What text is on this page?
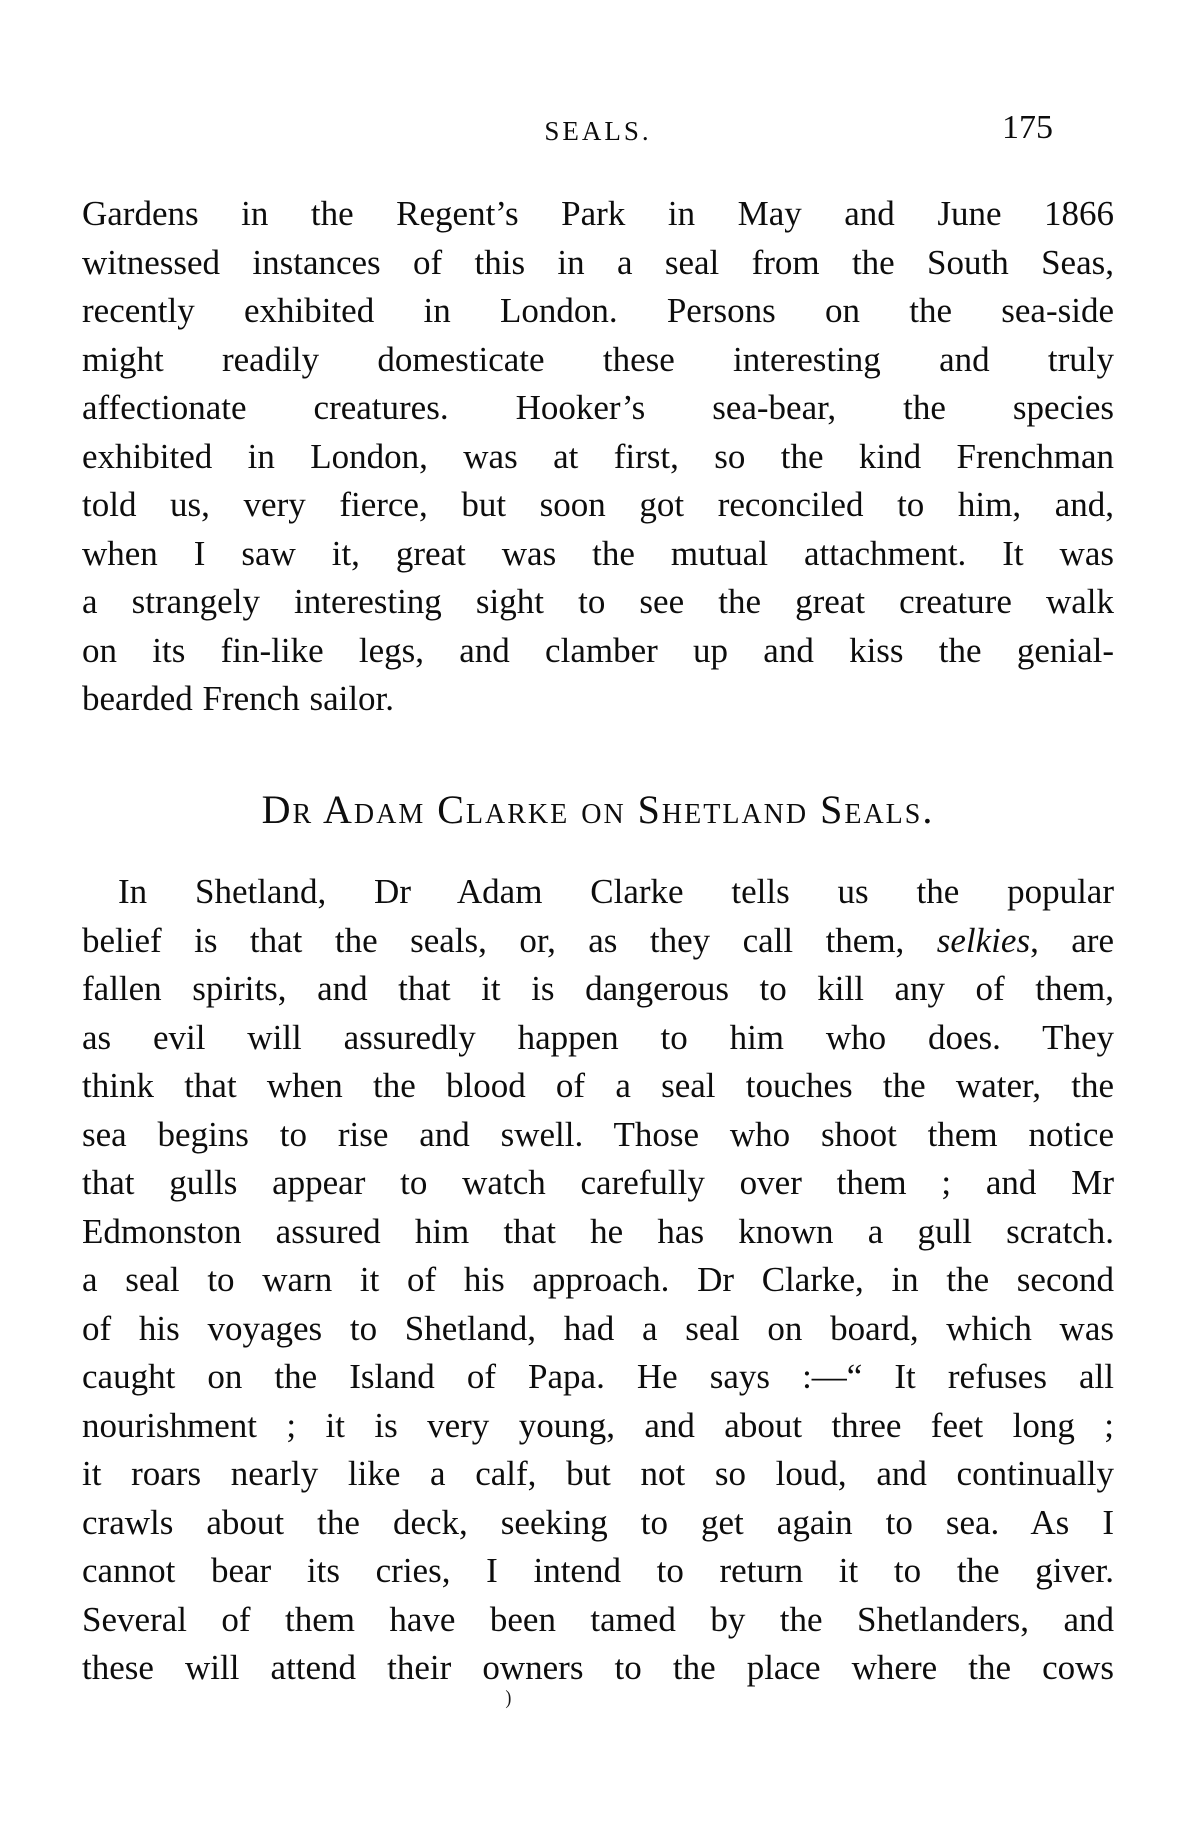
SEALS.	175
Gardens in the Regent’s Park in May and June 1866
witnessed instances of this in a seal from the South Seas,
recently exhibited in London. Persons on the sea-side
might readily domesticate these interesting and truly
affectionate creatures. Hooker’s sea-bear, the species
exhibited in London, was at first, so the kind Frenchman
told us, very fierce, but soon got reconciled to him, and,
when I saw it, great was the mutual attachment. It was
a strangely interesting sight to see the great creature walk
on its fin-like legs, and clamber up and kiss the genial-
bearded French sailor.
Dr Adam Clarke on Shetland Seals.
In Shetland, Dr Adam Clarke tells us the popular
belief is that the seals, or, as they call them, selkies, are
fallen spirits, and that it is dangerous to kill any of them,
as evil will assuredly happen to him who does. They
think that when the blood of a seal touches the water, the
sea begins to rise and swell. Those who shoot them notice
that gulls appear to watch carefully over them ; and Mr
Edmonston assured him that he has known a gull scratch.
a seal to warn it of his approach. Dr Clarke, in the second
of his voyages to Shetland, had a seal on board, which was
caught on the Island of Papa. He says :—“ It refuses all
nourishment ; it is very young, and about three feet long ;
it roars nearly like a calf, but not so loud, and continually
crawls about the deck, seeking to get again to sea. As I
cannot bear its cries, I intend to return it to the giver.
Several of them have been tamed by the Shetlanders, and
these will attend their owners to the place where the cows
)
